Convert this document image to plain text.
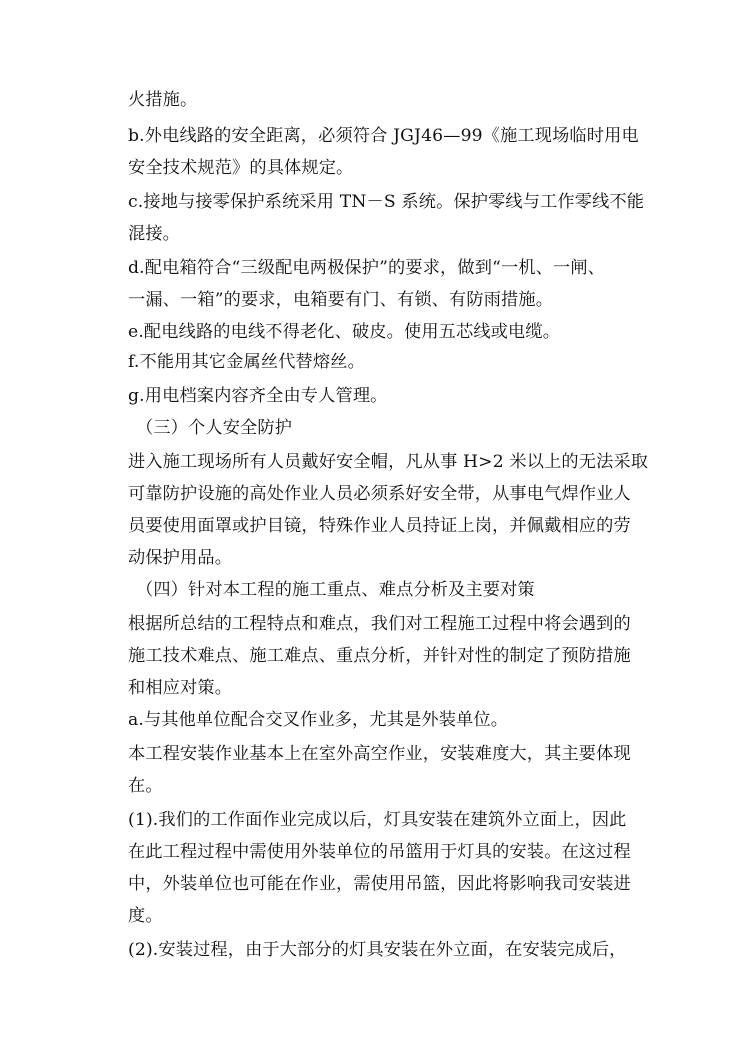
火措施。
b.外电线路的安全距离，必须符合 JGJ46—99《施工现场临时用电
安全技术规范》的具体规定。
c.接地与接零保护系统采用 TN－S 系统。保护零线与工作零线不能
混接。
d.配电箱符合“三级配电两极保护”的要求，做到“一机、一闸、
一漏、一箱”的要求，电箱要有门、有锁、有防雨措施。
e.配电线路的电线不得老化、破皮。使用五芯线或电缆。
f.不能用其它金属丝代替熔丝。
g.用电档案内容齐全由专人管理。
（三）个人安全防护
进入施工现场所有人员戴好安全帽，凡从事 H>2 米以上的无法采取
可靠防护设施的高处作业人员必须系好安全带，从事电气焊作业人
员要使用面罩或护目镜，特殊作业人员持证上岗，并佩戴相应的劳
动保护用品。
（四）针对本工程的施工重点、难点分析及主要对策
根据所总结的工程特点和难点，我们对工程施工过程中将会遇到的
施工技术难点、施工难点、重点分析，并针对性的制定了预防措施
和相应对策。
a.与其他单位配合交叉作业多，尤其是外装单位。
本工程安装作业基本上在室外高空作业，安装难度大，其主要体现
在。
(1).我们的工作面作业完成以后，灯具安装在建筑外立面上，因此
在此工程过程中需使用外装单位的吊篮用于灯具的安装。在这过程
中，外装单位也可能在作业，需使用吊篮，因此将影响我司安装进
度。
(2).安装过程，由于大部分的灯具安装在外立面，在安装完成后，
